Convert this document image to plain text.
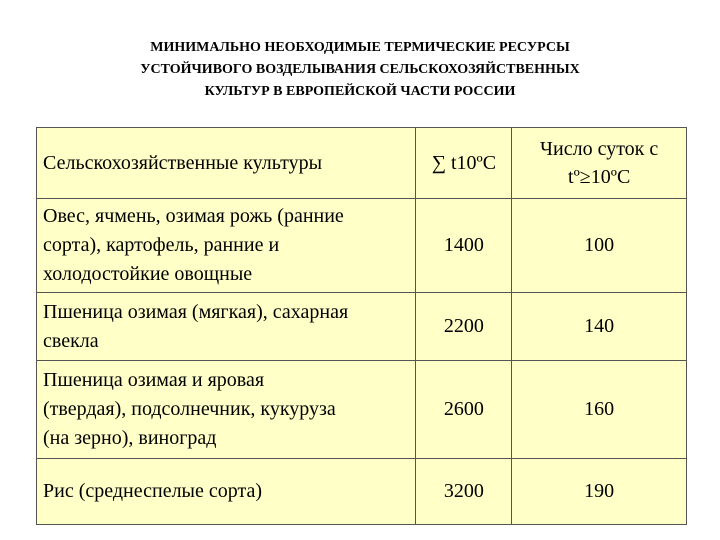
МИНИМАЛЬНО НЕОБХОДИМЫЕ ТЕРМИЧЕСКИЕ РЕСУРСЫ
УСТОЙЧИВОГО ВОЗДЕЛЫВАНИЯ СЕЛЬСКОХОЗЯЙСТВЕННЫХ
КУЛЬТУР В ЕВРОПЕЙСКОЙ ЧАСТИ РОССИИ
Сельскохозяйственные культуры	∑ t10ºC	Число суток с
tº≥10ºC

Овес, ячмень, озимая рожь (ранние
сорта), картофель, ранние и
холодостойкие овощные	1400	100

Пшеница озимая (мягкая), сахарная
свекла	2200	140

Пшеница озимая и яровая
(твердая), подсолнечник, кукуруза
(на зерно), виноград	2600	160

Рис (среднеспелые сорта)	3200	190
